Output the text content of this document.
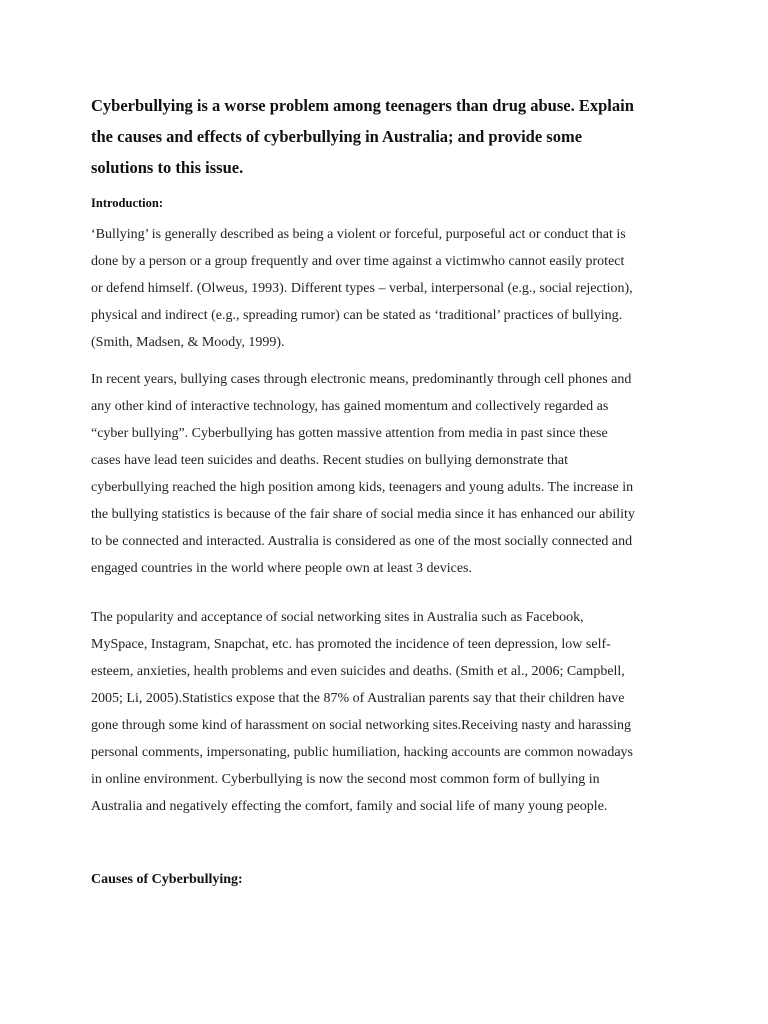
Cyberbullying is a worse problem among teenagers than drug abuse. Explain
the causes and effects of cyberbullying in Australia; and provide some
solutions to this issue.
Introduction:

‘Bullying’ is generally described as being a violent or forceful, purposeful act or conduct that is
done by a person or a group frequently and over time against a victimwho cannot easily protect
or defend himself. (Olweus, 1993). Different types – verbal, interpersonal (e.g., social rejection),
physical and indirect (e.g., spreading rumor) can be stated as ‘traditional’ practices of bullying.
(Smith, Madsen, & Moody, 1999).

In recent years, bullying cases through electronic means, predominantly through cell phones and
any other kind of interactive technology, has gained momentum and collectively regarded as
“cyber bullying”. Cyberbullying has gotten massive attention from media in past since these
cases have lead teen suicides and deaths. Recent studies on bullying demonstrate that
cyberbullying reached the high position among kids, teenagers and young adults. The increase in
the bullying statistics is because of the fair share of social media since it has enhanced our ability
to be connected and interacted. Australia is considered as one of the most socially connected and
engaged countries in the world where people own at least 3 devices.

The popularity and acceptance of social networking sites in Australia such as Facebook,
MySpace, Instagram, Snapchat, etc. has promoted the incidence of teen depression, low self-
esteem, anxieties, health problems and even suicides and deaths. (Smith et al., 2006; Campbell,
2005; Li, 2005).Statistics expose that the 87% of Australian parents say that their children have
gone through some kind of harassment on social networking sites.Receiving nasty and harassing
personal comments, impersonating, public humiliation, hacking accounts are common nowadays
in online environment. Cyberbullying is now the second most common form of bullying in
Australia and negatively effecting the comfort, family and social life of many young people.

Causes of Cyberbullying:
